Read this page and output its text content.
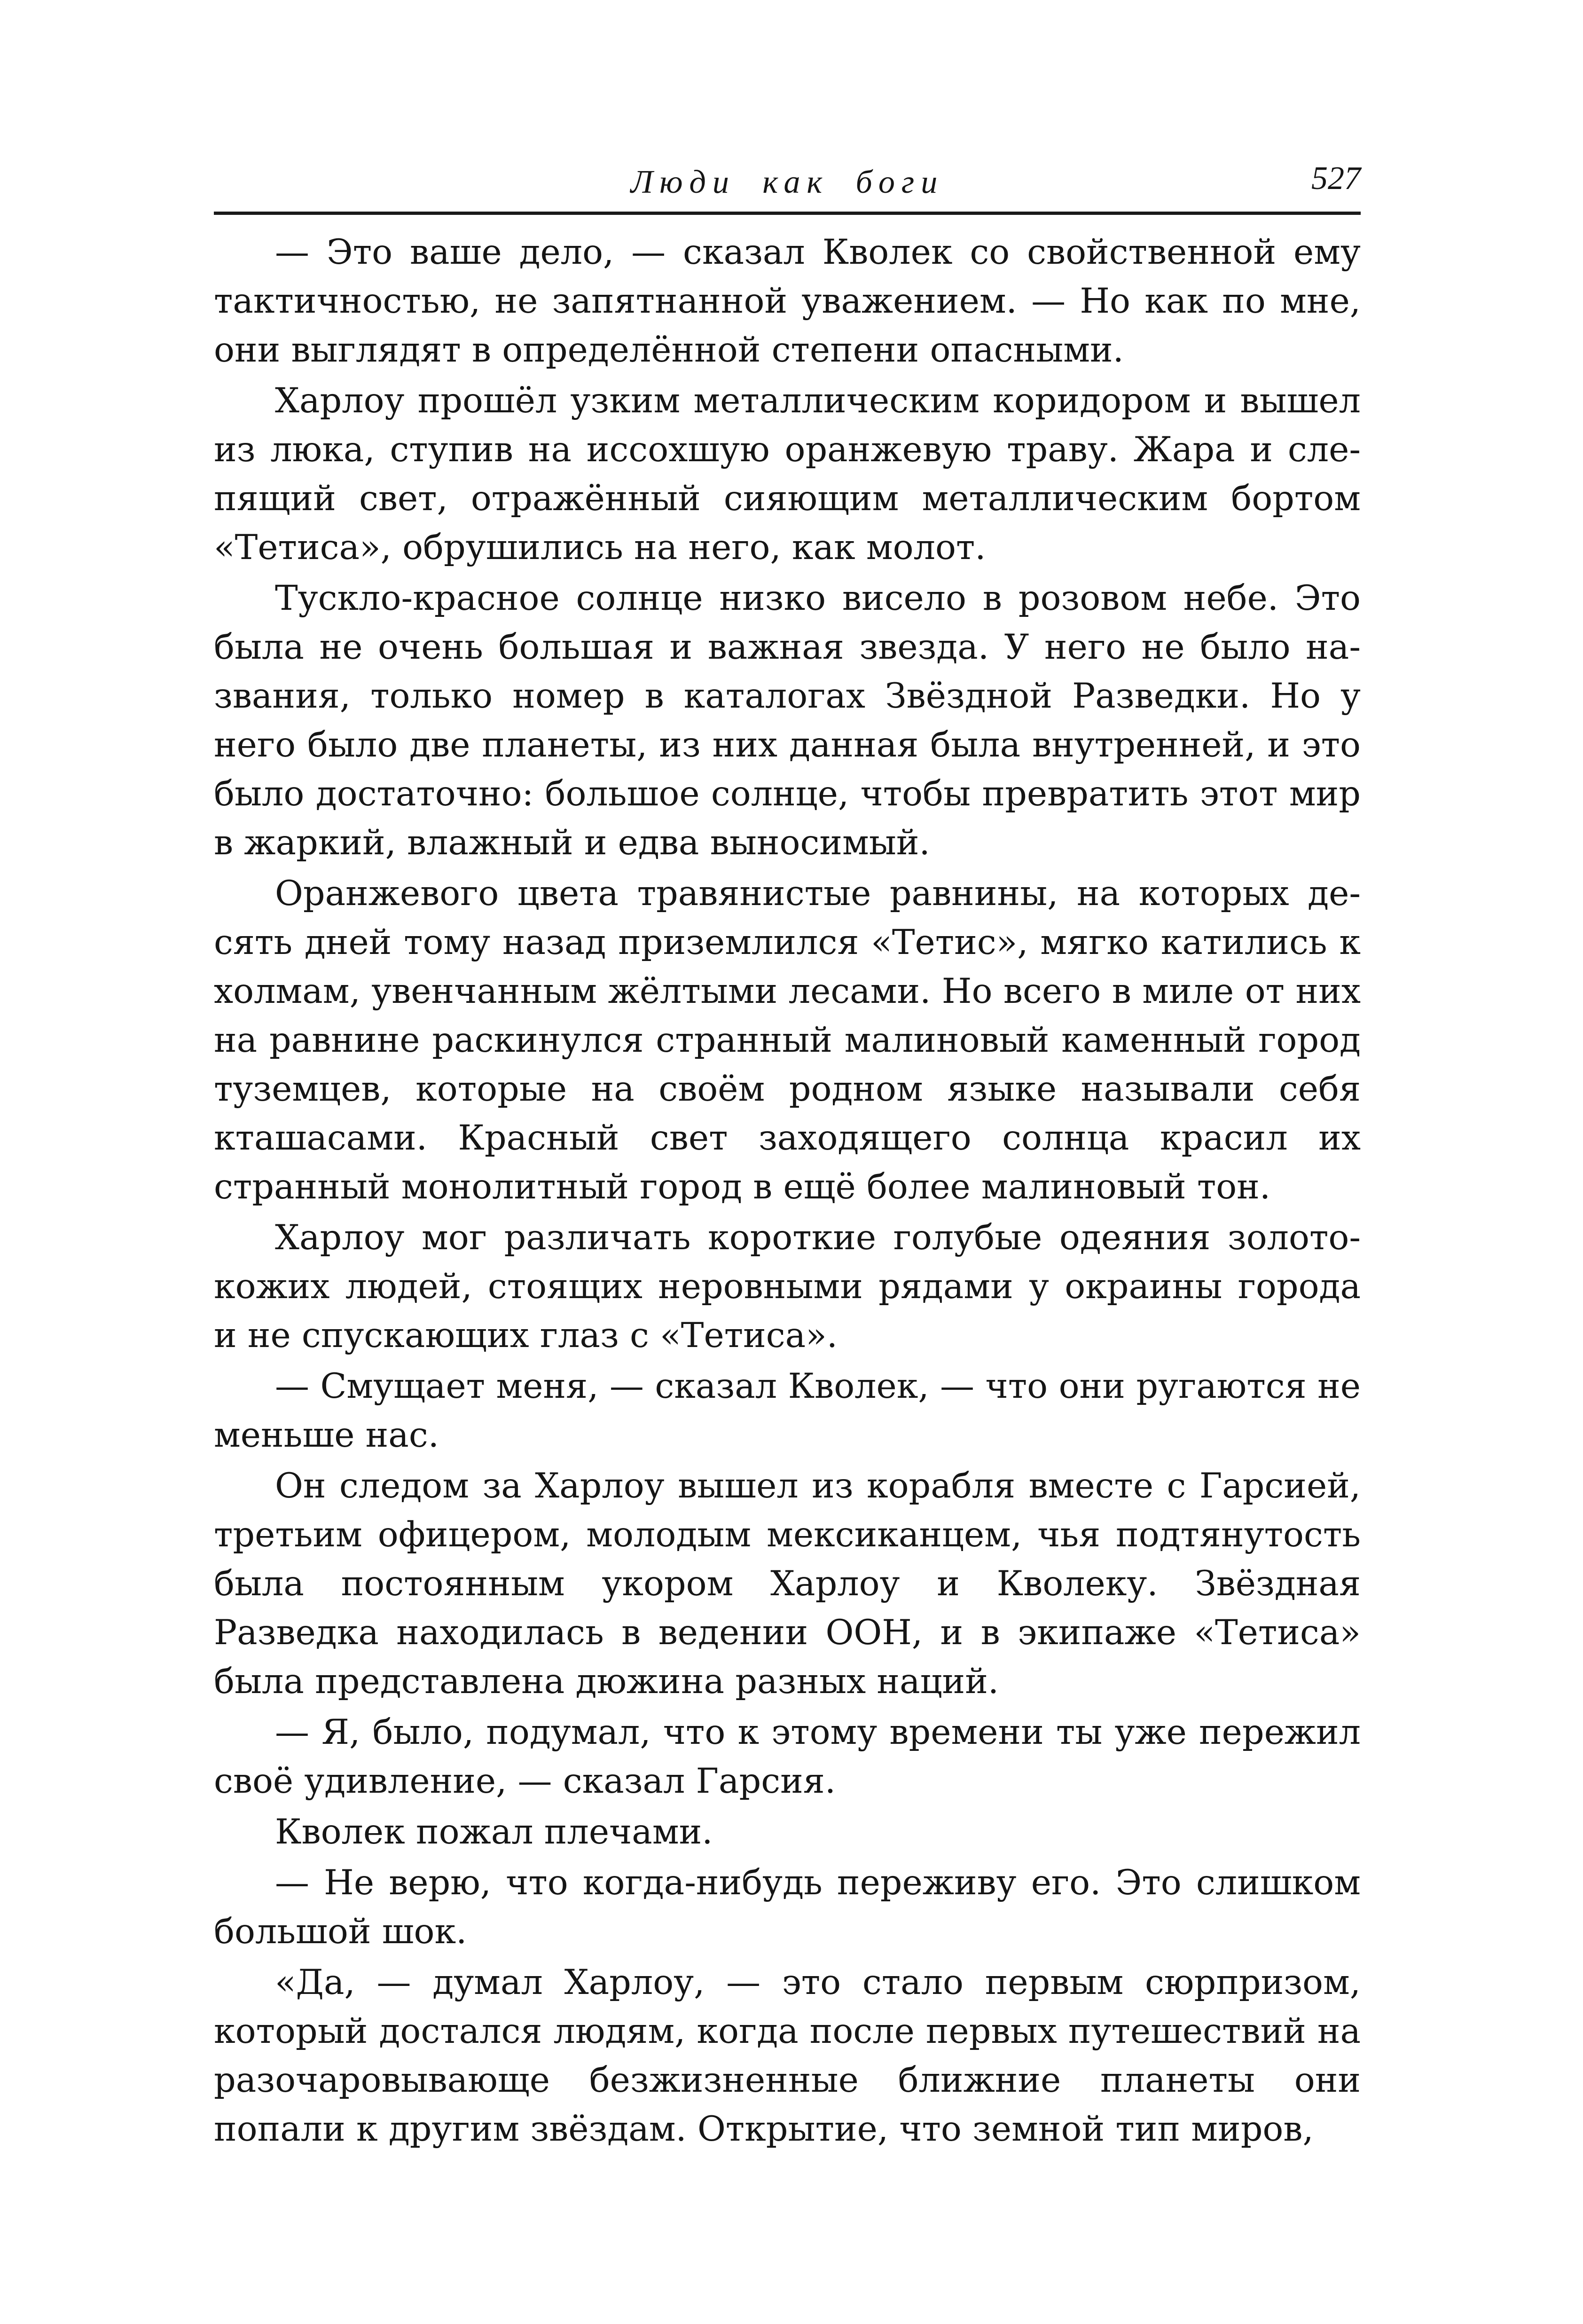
Люди как боги	527

— Это ваше дело, — сказал Кволек со свойственной ему тактичностью, не запятнанной уважением. — Но как по мне, они выглядят в определённой степени опасными.

Харлоу прошёл узким металлическим коридором и вышел из люка, ступив на иссохшую оранжевую траву. Жара и слепящий свет, отражённый сияющим металлическим бортом «Тетиса», обрушились на него, как молот.

Тускло-красное солнце низко висело в розовом небе. Это была не очень большая и важная звезда. У него не было названия, только номер в каталогах Звёздной Разведки. Но у него было две планеты, из них данная была внутренней, и это было достаточно: большое солнце, чтобы превратить этот мир в жаркий, влажный и едва выносимый.

Оранжевого цвета травянистые равнины, на которых десять дней тому назад приземлился «Тетис», мягко катились к холмам, увенчанным жёлтыми лесами. Но всего в миле от них на равнине раскинулся странный малиновый каменный город туземцев, которые на своём родном языке называли себя кташасами. Красный свет заходящего солнца красил их странный монолитный город в ещё более малиновый тон.

Харлоу мог различать короткие голубые одеяния золотокожих людей, стоящих неровными рядами у окраины города и не спускающих глаз с «Тетиса».

— Смущает меня, — сказал Кволек, — что они ругаются не меньше нас.

Он следом за Харлоу вышел из корабля вместе с Гарсией, третьим офицером, молодым мексиканцем, чья подтянутость была постоянным укором Харлоу и Кволеку. Звёздная Разведка находилась в ведении ООН, и в экипаже «Тетиса» была представлена дюжина разных наций.

— Я, было, подумал, что к этому времени ты уже пережил своё удивление, — сказал Гарсия.

Кволек пожал плечами.

— Не верю, что когда-нибудь переживу его. Это слишком большой шок.

«Да, — думал Харлоу, — это стало первым сюрпризом, который достался людям, когда после первых путешествий на разочаровывающе безжизненные ближние планеты они попали к другим звёздам. Открытие, что земной тип миров,
